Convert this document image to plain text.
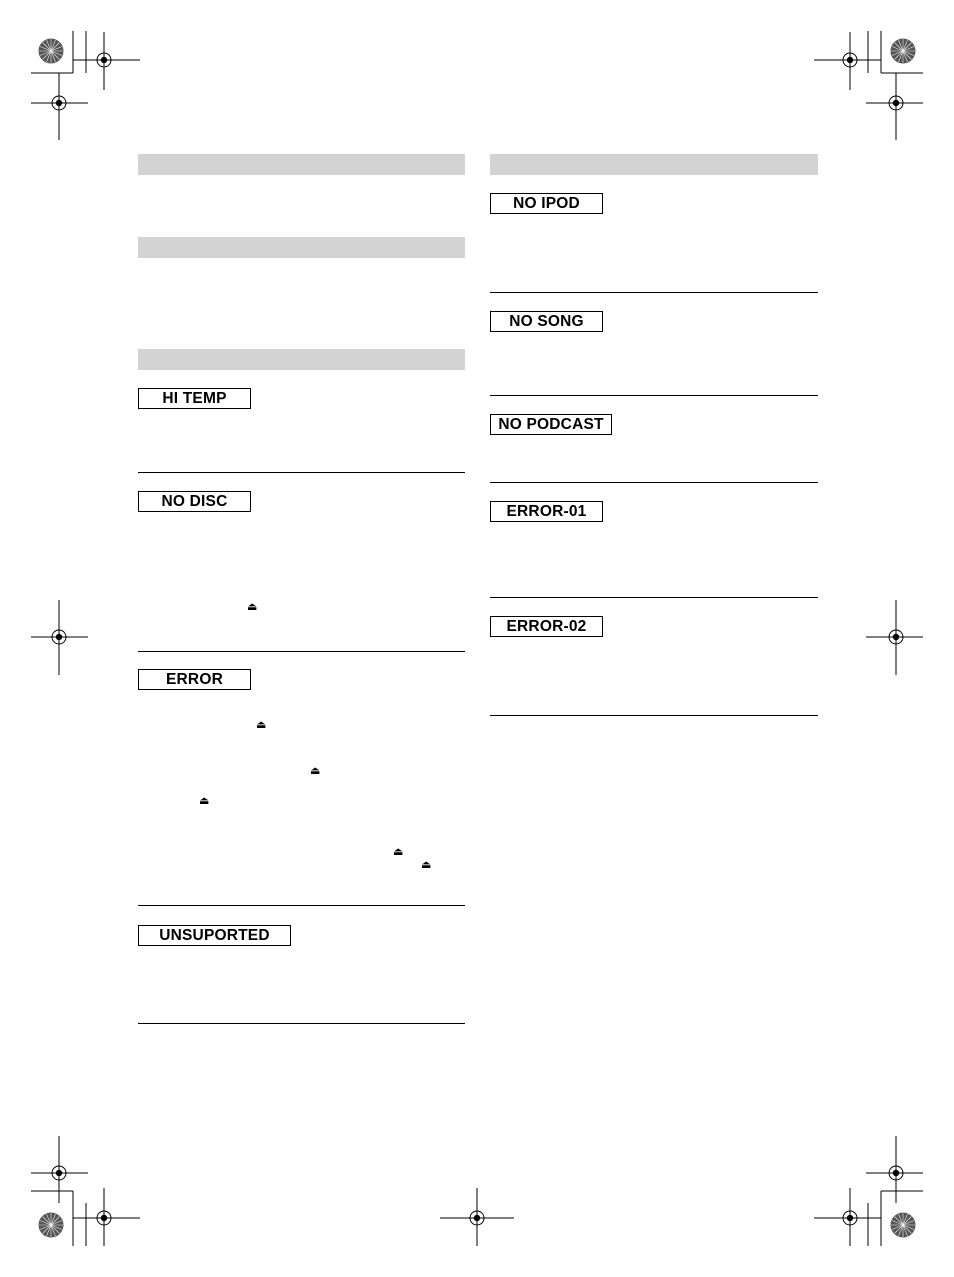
HI TEMP
NO DISC
⏏
ERROR
⏏
⏏
⏏
⏏
⏏
UNSUPORTED
NO IPOD
NO SONG
NO PODCAST
ERROR-01
ERROR-02
